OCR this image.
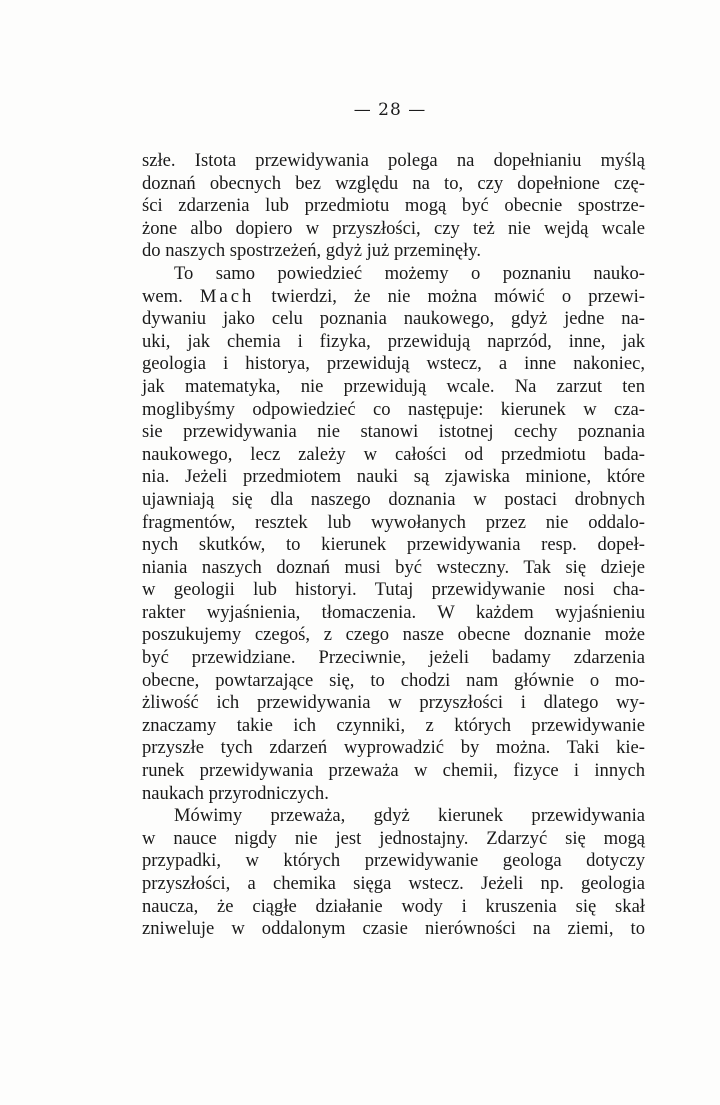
— 28 —
szłe. Istota przewidywania polega na dopełnianiu myślą
doznań obecnych bez względu na to, czy dopełnione czę-
ści zdarzenia lub przedmiotu mogą być obecnie spostrze-
żone albo dopiero w przyszłości, czy też nie wejdą wcale
do naszych spostrzeżeń, gdyż już przeminęły.
To samo powiedzieć możemy o poznaniu nauko-
wem. Mach twierdzi, że nie można mówić o przewi-
dywaniu jako celu poznania naukowego, gdyż jedne na-
uki, jak chemia i fizyka, przewidują naprzód, inne, jak
geologia i historya, przewidują wstecz, a inne nakoniec,
jak matematyka, nie przewidują wcale. Na zarzut ten
moglibyśmy odpowiedzieć co następuje: kierunek w cza-
sie przewidywania nie stanowi istotnej cechy poznania
naukowego, lecz zależy w całości od przedmiotu bada-
nia. Jeżeli przedmiotem nauki są zjawiska minione, które
ujawniają się dla naszego doznania w postaci drobnych
fragmentów, resztek lub wywołanych przez nie oddalo-
nych skutków, to kierunek przewidywania resp. dopeł-
niania naszych doznań musi być wsteczny. Tak się dzieje
w geologii lub historyi. Tutaj przewidywanie nosi cha-
rakter wyjaśnienia, tłomaczenia. W każdem wyjaśnieniu
poszukujemy czegoś, z czego nasze obecne doznanie może
być przewidziane. Przeciwnie, jeżeli badamy zdarzenia
obecne, powtarzające się, to chodzi nam głównie o mo-
żliwość ich przewidywania w przyszłości i dlatego wy-
znaczamy takie ich czynniki, z których przewidywanie
przyszłe tych zdarzeń wyprowadzić by można. Taki kie-
runek przewidywania przeważa w chemii, fizyce i innych
naukach przyrodniczych.
Mówimy przeważa, gdyż kierunek przewidywania
w nauce nigdy nie jest jednostajny. Zdarzyć się mogą
przypadki, w których przewidywanie geologa dotyczy
przyszłości, a chemika sięga wstecz. Jeżeli np. geologia
naucza, że ciągłe działanie wody i kruszenia się skał
zniweluje w oddalonym czasie nierówności na ziemi, to
